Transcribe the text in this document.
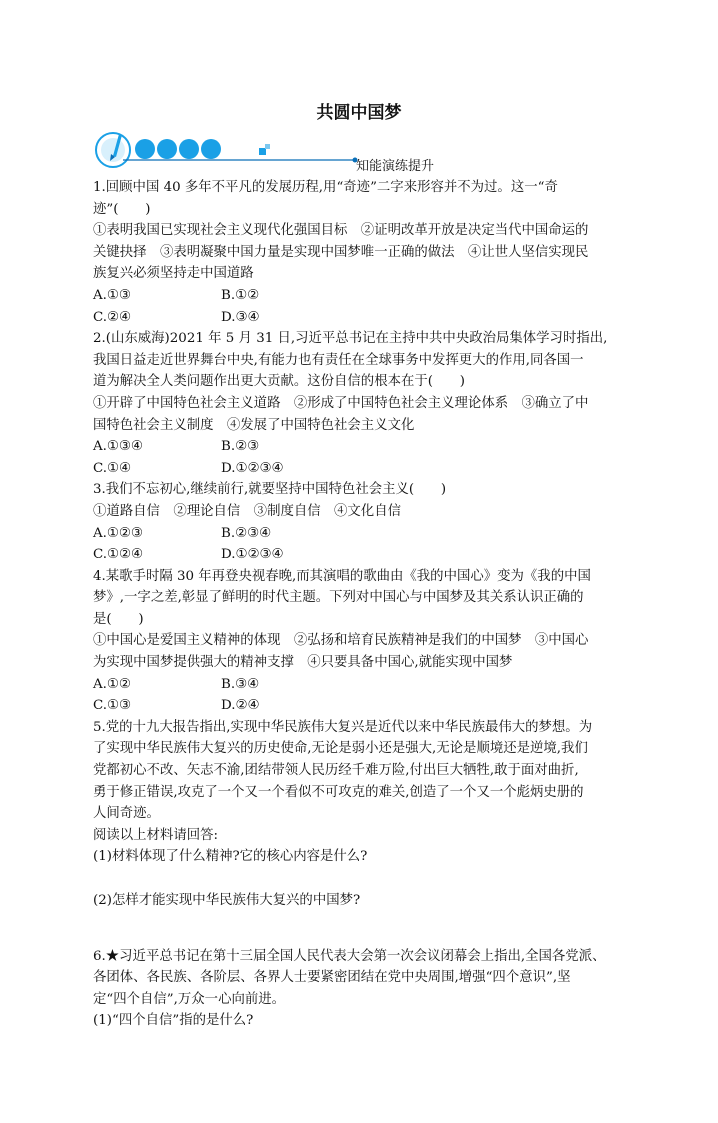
共圆中国梦
知能演练提升

1.回顾中国 40 多年不平凡的发展历程,用“奇迹”二字来形容并不为过。这一“奇

迹”(　　)

①表明我国已实现社会主义现代化强国目标　②证明改革开放是决定当代中国命运的

关键抉择　③表明凝聚中国力量是实现中国梦唯一正确的做法　④让世人坚信实现民

族复兴必须坚持走中国道路

A.①③	B.①②
C.②④	D.③④

2.(山东威海)2021 年 5 月 31 日,习近平总书记在主持中共中央政治局集体学习时指出,

我国日益走近世界舞台中央,有能力也有责任在全球事务中发挥更大的作用,同各国一

道为解决全人类问题作出更大贡献。这份自信的根本在于(　　)

①开辟了中国特色社会主义道路　②形成了中国特色社会主义理论体系　③确立了中

国特色社会主义制度　④发展了中国特色社会主义文化

A.①③④	B.②③
C.①④	D.①②③④

3.我们不忘初心,继续前行,就要坚持中国特色社会主义(　　)

①道路自信　②理论自信　③制度自信　④文化自信

A.①②③	B.②③④
C.①②④	D.①②③④

4.某歌手时隔 30 年再登央视春晚,而其演唱的歌曲由《我的中国心》变为《我的中国

梦》,一字之差,彰显了鲜明的时代主题。下列对中国心与中国梦及其关系认识正确的

是(　　)

①中国心是爱国主义精神的体现　②弘扬和培育民族精神是我们的中国梦　③中国心

为实现中国梦提供强大的精神支撑　④只要具备中国心,就能实现中国梦

A.①②	B.③④
C.①③	D.②④

5.党的十九大报告指出,实现中华民族伟大复兴是近代以来中华民族最伟大的梦想。为

了实现中华民族伟大复兴的历史使命,无论是弱小还是强大,无论是顺境还是逆境,我们

党都初心不改、矢志不渝,团结带领人民历经千难万险,付出巨大牺牲,敢于面对曲折,

勇于修正错误,攻克了一个又一个看似不可攻克的难关,创造了一个又一个彪炳史册的

人间奇迹。

阅读以上材料请回答:

(1)材料体现了什么精神?它的核心内容是什么?

(2)怎样才能实现中华民族伟大复兴的中国梦?

6.★习近平总书记在第十三届全国人民代表大会第一次会议闭幕会上指出,全国各党派、

各团体、各民族、各阶层、各界人士要紧密团结在党中央周围,增强“四个意识”,坚

定“四个自信”,万众一心向前进。

(1)“四个自信”指的是什么?
